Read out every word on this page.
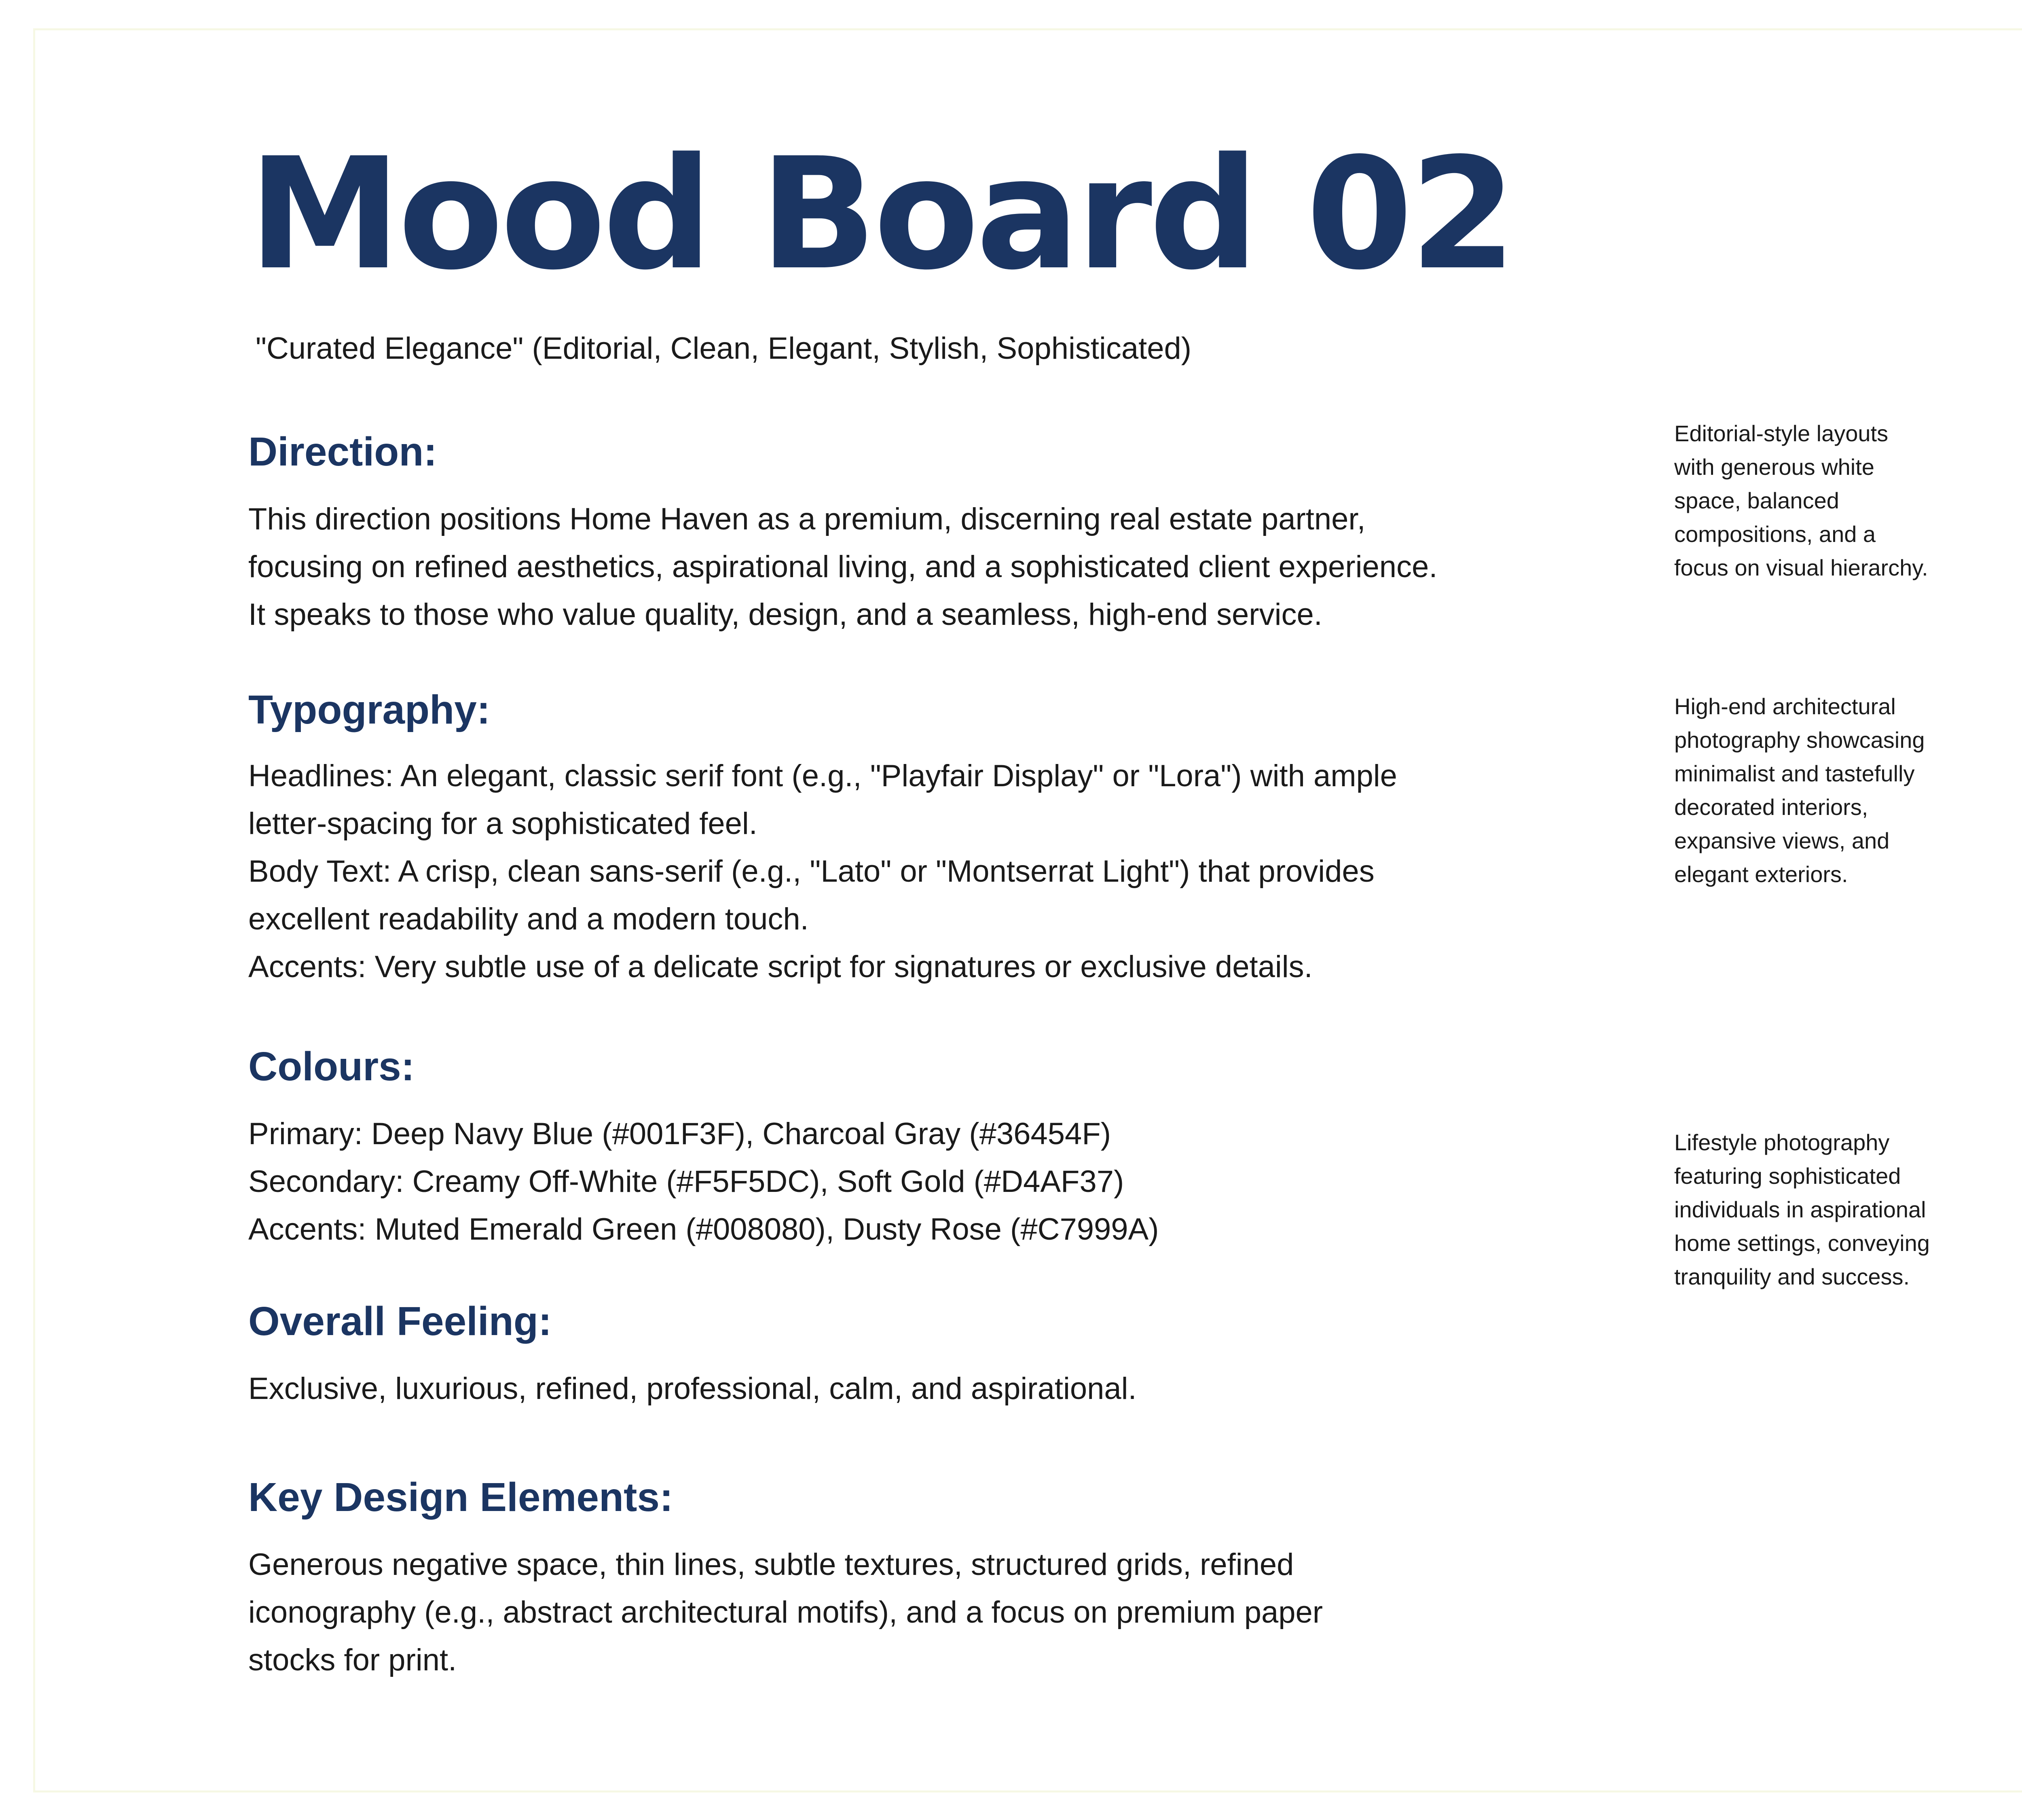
Mood Board 02
"Curated Elegance" (Editorial, Clean, Elegant, Stylish, Sophisticated)
Direction:
This direction positions Home Haven as a premium, discerning real estate partner,
focusing on refined aesthetics, aspirational living, and a sophisticated client experience.
It speaks to those who value quality, design, and a seamless, high-end service.
Typography:
Headlines: An elegant, classic serif font (e.g., "Playfair Display" or "Lora") with ample
letter-spacing for a sophisticated feel.
Body Text: A crisp, clean sans-serif (e.g., "Lato" or "Montserrat Light") that provides
excellent readability and a modern touch.
Accents: Very subtle use of a delicate script for signatures or exclusive details.
Colours:
Primary: Deep Navy Blue (#001F3F), Charcoal Gray (#36454F)
Secondary: Creamy Off-White (#F5F5DC), Soft Gold (#D4AF37)
Accents: Muted Emerald Green (#008080), Dusty Rose (#C7999A)
Overall Feeling:
Exclusive, luxurious, refined, professional, calm, and aspirational.
Key Design Elements:
Generous negative space, thin lines, subtle textures, structured grids, refined
iconography (e.g., abstract architectural motifs), and a focus on premium paper
stocks for print.
Editorial-style layouts
with generous white
space, balanced
compositions, and a
focus on visual hierarchy.
High-end architectural
photography showcasing
minimalist and tastefully
decorated interiors,
expansive views, and
elegant exteriors.
Lifestyle photography
featuring sophisticated
individuals in aspirational
home settings, conveying
tranquility and success.
